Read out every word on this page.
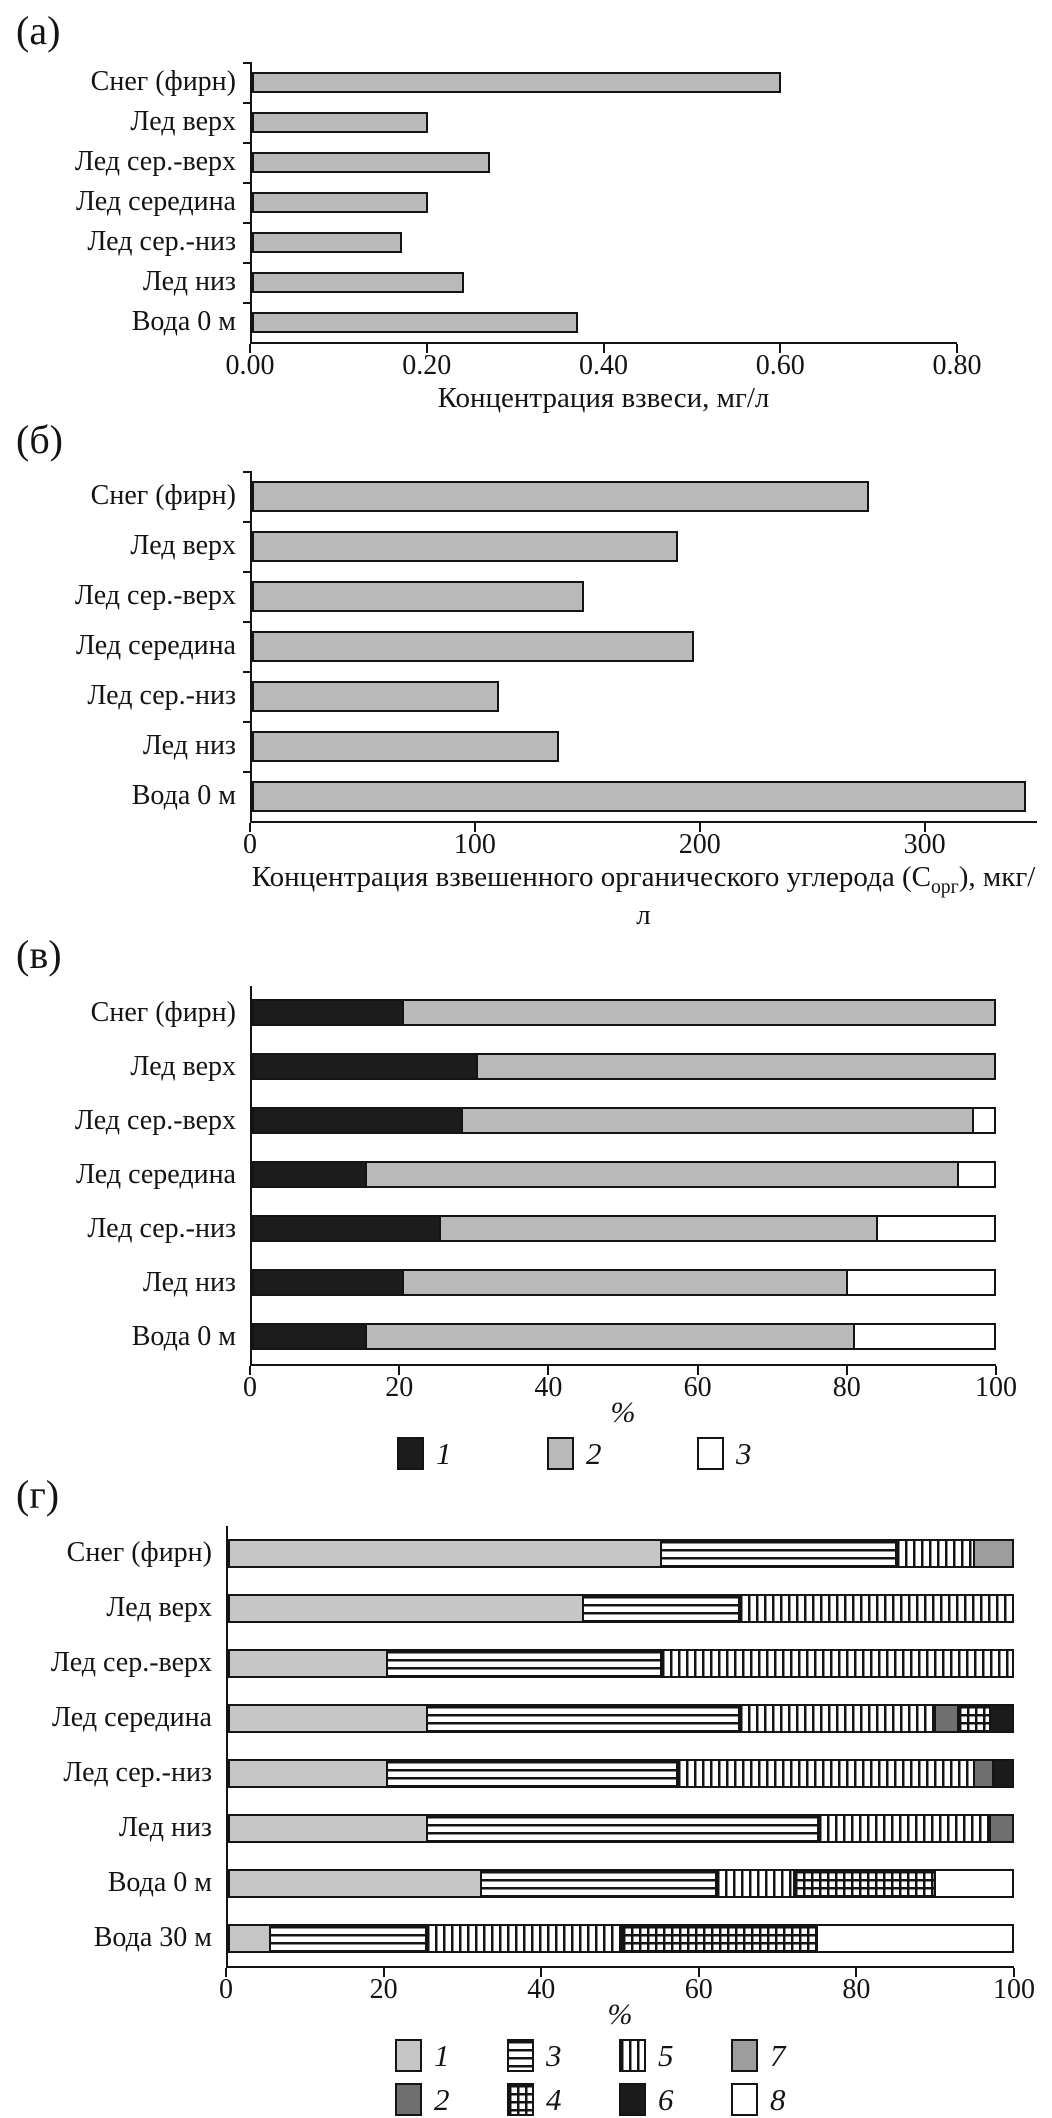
(а)
Снег (фирн)
Лед верх
Лед сер.-верх
Лед середина
Лед сер.-низ
Лед низ
Вода 0 м
0.00	0.20	0.40	0.60	0.80
Концентрация взвеси, мг/л
(б)
Снег (фирн)
Лед верх
Лед сер.-верх
Лед середина
Лед сер.-низ
Лед низ
Вода 0 м
0	100	200	300
Концентрация взвешенного органического углерода $(С_{орг})$, мкг/л
(в)
Снег (фирн)
Лед верх
Лед сер.-верх
Лед середина
Лед сер.-низ
Лед низ
Вода 0 м
0	20	40	60	80	100
%
1	2	3
(г)
Снег (фирн)
Лед верх
Лед сер.-верх
Лед середина
Лед сер.-низ
Лед низ
Вода 0 м
Вода 30 м
0	20	40	60	80	100
%
1	3	5	7
2	4	6	8
